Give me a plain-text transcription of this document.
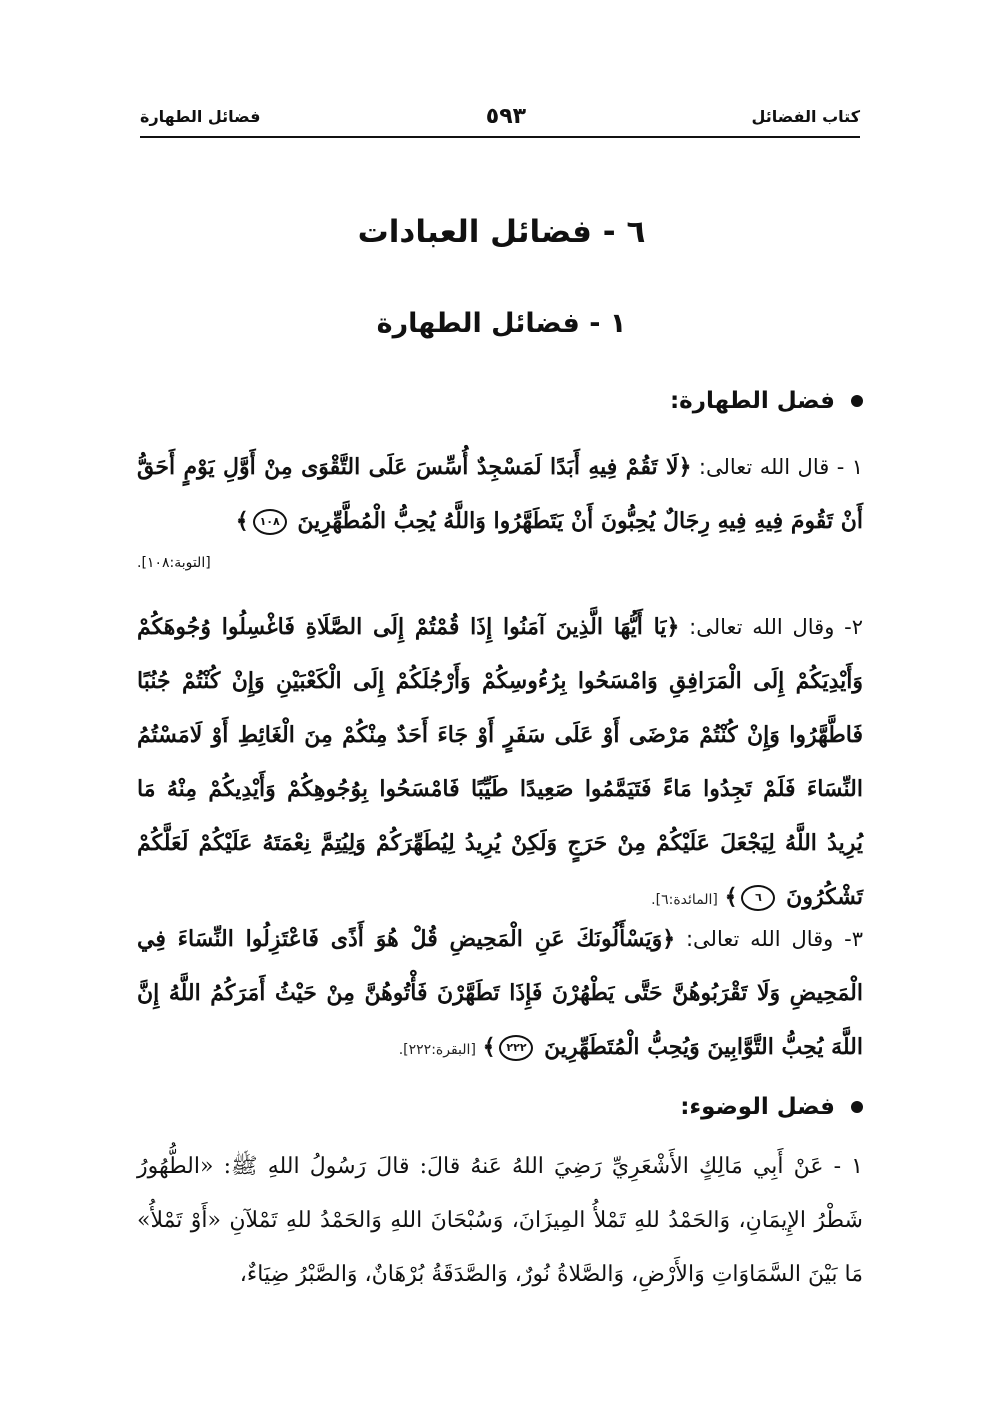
كتاب الفضائل
٥٩٣
فضائل الطهارة
٦ - فضائل العبادات
١ - فضائل الطهارة
فضل الطهارة:
١ - قال الله تعالى: ﴿لَا تَقُمْ فِيهِ أَبَدًا لَمَسْجِدٌ أُسِّسَ عَلَى التَّقْوَى مِنْ أَوَّلِ يَوْمٍ أَحَقُّ أَنْ تَقُومَ فِيهِ فِيهِ رِجَالٌ يُحِبُّونَ أَنْ يَتَطَهَّرُوا وَاللَّهُ يُحِبُّ الْمُطَّهِّرِينَ ١٠٨﴾
[التوبة:١٠٨].
٢- وقال الله تعالى: ﴿يَا أَيُّهَا الَّذِينَ آمَنُوا إِذَا قُمْتُمْ إِلَى الصَّلَاةِ فَاغْسِلُوا وُجُوهَكُمْ وَأَيْدِيَكُمْ إِلَى الْمَرَافِقِ وَامْسَحُوا بِرُءُوسِكُمْ وَأَرْجُلَكُمْ إِلَى الْكَعْبَيْنِ وَإِنْ كُنْتُمْ جُنُبًا فَاطَّهَّرُوا وَإِنْ كُنْتُمْ مَرْضَى أَوْ عَلَى سَفَرٍ أَوْ جَاءَ أَحَدٌ مِنْكُمْ مِنَ الْغَائِطِ أَوْ لَامَسْتُمُ النِّسَاءَ فَلَمْ تَجِدُوا مَاءً فَتَيَمَّمُوا صَعِيدًا طَيِّبًا فَامْسَحُوا بِوُجُوهِكُمْ وَأَيْدِيكُمْ مِنْهُ مَا يُرِيدُ اللَّهُ لِيَجْعَلَ عَلَيْكُمْ مِنْ حَرَجٍ وَلَكِنْ يُرِيدُ لِيُطَهِّرَكُمْ وَلِيُتِمَّ نِعْمَتَهُ عَلَيْكُمْ لَعَلَّكُمْ تَشْكُرُونَ ٦﴾ [المائدة:٦].
٣- وقال الله تعالى: ﴿وَيَسْأَلُونَكَ عَنِ الْمَحِيضِ قُلْ هُوَ أَذًى فَاعْتَزِلُوا النِّسَاءَ فِي الْمَحِيضِ وَلَا تَقْرَبُوهُنَّ حَتَّى يَطْهُرْنَ فَإِذَا تَطَهَّرْنَ فَأْتُوهُنَّ مِنْ حَيْثُ أَمَرَكُمُ اللَّهُ إِنَّ اللَّهَ يُحِبُّ التَّوَّابِينَ وَيُحِبُّ الْمُتَطَهِّرِينَ ٢٢٢﴾ [البقرة:٢٢٢].
فضل الوضوء:
١ - عَنْ أَبِي مَالِكٍ الأَشْعَرِيِّ رَضِيَ اللهُ عَنهُ قالَ: قالَ رَسُولُ اللهِ ﷺ: «الطُّهُورُ شَطْرُ الإِيمَانِ، وَالحَمْدُ للهِ تَمْلأُ المِيزَانَ، وَسُبْحَانَ اللهِ وَالحَمْدُ للهِ تَمْلآنِ «أَوْ تَمْلأُ» مَا بَيْنَ السَّمَاوَاتِ وَالأَرْضِ، وَالصَّلاةُ نُورٌ، وَالصَّدَقَةُ بُرْهَانٌ، وَالصَّبْرُ ضِيَاءٌ،
